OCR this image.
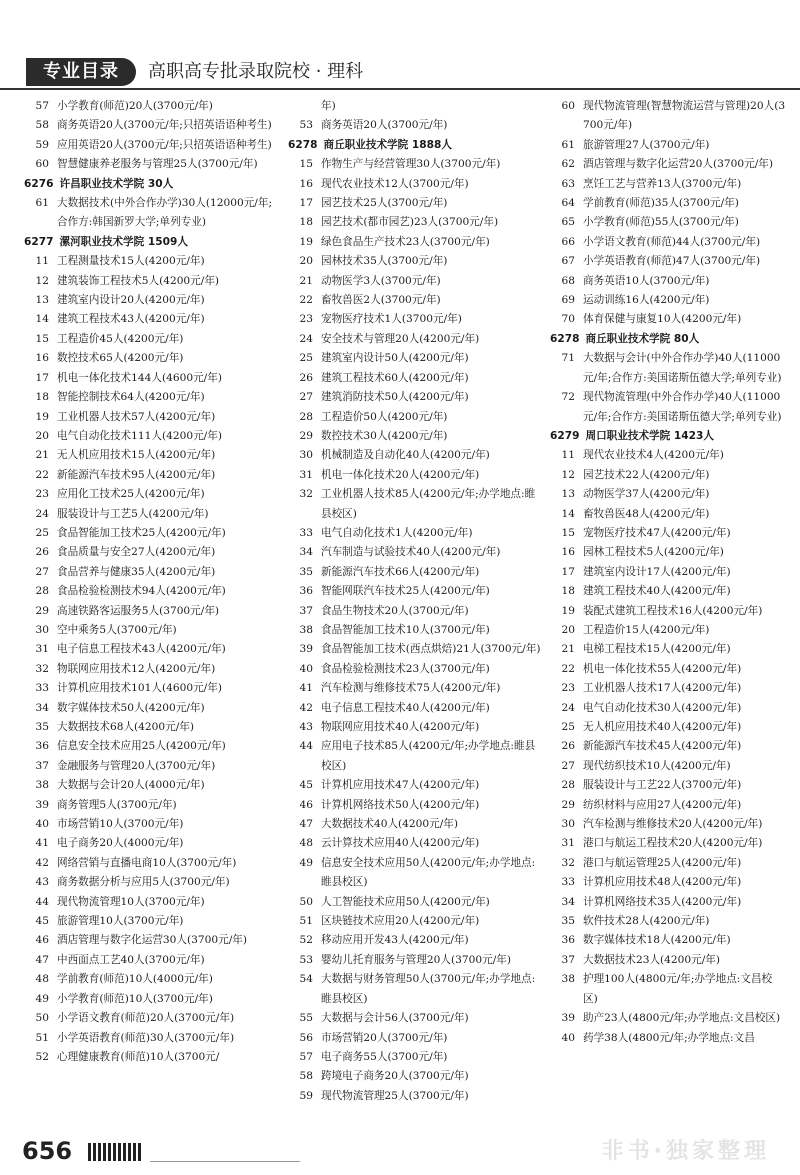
专业目录	高职高专批录取院校 · 理科
57 小学教育(师范)20人(3700元/年)
58 商务英语20人(3700元/年;只招英语语种考生)
59 应用英语20人(3700元/年;只招英语语种考生)
60 智慧健康养老服务与管理25人(3700元/年)
6276 许昌职业技术学院 30人
61 大数据技术(中外合作办学)30人(12000元/年;合作方:韩国新罗大学;单列专业)
6277 漯河职业技术学院 1509人
11 工程测量技术15人(4200元/年)
12 建筑装饰工程技术5人(4200元/年)
13 建筑室内设计20人(4200元/年)
14 建筑工程技术43人(4200元/年)
15 工程造价45人(4200元/年)
16 数控技术65人(4200元/年)
17 机电一体化技术144人(4600元/年)
18 智能控制技术64人(4200元/年)
19 工业机器人技术57人(4200元/年)
20 电气自动化技术111人(4200元/年)
21 无人机应用技术15人(4200元/年)
22 新能源汽车技术95人(4200元/年)
23 应用化工技术25人(4200元/年)
24 服装设计与工艺5人(4200元/年)
25 食品智能加工技术25人(4200元/年)
26 食品质量与安全27人(4200元/年)
27 食品营养与健康35人(4200元/年)
28 食品检验检测技术94人(4200元/年)
29 高速铁路客运服务5人(3700元/年)
30 空中乘务5人(3700元/年)
31 电子信息工程技术43人(4200元/年)
32 物联网应用技术12人(4200元/年)
33 计算机应用技术101人(4600元/年)
34 数字媒体技术50人(4200元/年)
35 大数据技术68人(4200元/年)
36 信息安全技术应用25人(4200元/年)
37 金融服务与管理20人(3700元/年)
38 大数据与会计20人(4000元/年)
39 商务管理5人(3700元/年)
40 市场营销10人(3700元/年)
41 电子商务20人(4000元/年)
42 网络营销与直播电商10人(3700元/年)
43 商务数据分析与应用5人(3700元/年)
44 现代物流管理10人(3700元/年)
45 旅游管理10人(3700元/年)
46 酒店管理与数字化运营30人(3700元/年)
47 中西面点工艺40人(3700元/年)
48 学前教育(师范)10人(4000元/年)
49 小学教育(师范)10人(3700元/年)
50 小学语文教育(师范)20人(3700元/年)
51 小学英语教育(师范)30人(3700元/年)
52 心理健康教育(师范)10人(3700元/
年)
53 商务英语20人(3700元/年)
6278 商丘职业技术学院 1888人
15 作物生产与经营管理30人(3700元/年)
16 现代农业技术12人(3700元/年)
17 园艺技术25人(3700元/年)
18 园艺技术(都市园艺)23人(3700元/年)
19 绿色食品生产技术23人(3700元/年)
20 园林技术35人(3700元/年)
21 动物医学3人(3700元/年)
22 畜牧兽医2人(3700元/年)
23 宠物医疗技术1人(3700元/年)
24 安全技术与管理20人(4200元/年)
25 建筑室内设计50人(4200元/年)
26 建筑工程技术60人(4200元/年)
27 建筑消防技术50人(4200元/年)
28 工程造价50人(4200元/年)
29 数控技术30人(4200元/年)
30 机械制造及自动化40人(4200元/年)
31 机电一体化技术20人(4200元/年)
32 工业机器人技术85人(4200元/年;办学地点:睢县校区)
33 电气自动化技术1人(4200元/年)
34 汽车制造与试验技术40人(4200元/年)
35 新能源汽车技术66人(4200元/年)
36 智能网联汽车技术25人(4200元/年)
37 食品生物技术20人(3700元/年)
38 食品智能加工技术10人(3700元/年)
39 食品智能加工技术(西点烘焙)21人(3700元/年)
40 食品检验检测技术23人(3700元/年)
41 汽车检测与维修技术75人(4200元/年)
42 电子信息工程技术40人(4200元/年)
43 物联网应用技术40人(4200元/年)
44 应用电子技术85人(4200元/年;办学地点:睢县校区)
45 计算机应用技术47人(4200元/年)
46 计算机网络技术50人(4200元/年)
47 大数据技术40人(4200元/年)
48 云计算技术应用40人(4200元/年)
49 信息安全技术应用50人(4200元/年;办学地点:睢县校区)
50 人工智能技术应用50人(4200元/年)
51 区块链技术应用20人(4200元/年)
52 移动应用开发43人(4200元/年)
53 婴幼儿托育服务与管理20人(3700元/年)
54 大数据与财务管理50人(3700元/年;办学地点:睢县校区)
55 大数据与会计56人(3700元/年)
56 市场营销20人(3700元/年)
57 电子商务55人(3700元/年)
58 跨境电子商务20人(3700元/年)
59 现代物流管理25人(3700元/年)
60 现代物流管理(智慧物流运营与管理)20人(3700元/年)
61 旅游管理27人(3700元/年)
62 酒店管理与数字化运营20人(3700元/年)
63 烹饪工艺与营养13人(3700元/年)
64 学前教育(师范)35人(3700元/年)
65 小学教育(师范)55人(3700元/年)
66 小学语文教育(师范)44人(3700元/年)
67 小学英语教育(师范)47人(3700元/年)
68 商务英语10人(3700元/年)
69 运动训练16人(4200元/年)
70 体育保健与康复10人(4200元/年)
6278 商丘职业技术学院 80人
71 大数据与会计(中外合作办学)40人(11000元/年;合作方:美国诺斯伍德大学;单列专业)
72 现代物流管理(中外合作办学)40人(11000元/年;合作方:美国诺斯伍德大学;单列专业)
6279 周口职业技术学院 1423人
11 现代农业技术4人(4200元/年)
12 园艺技术22人(4200元/年)
13 动物医学37人(4200元/年)
14 畜牧兽医48人(4200元/年)
15 宠物医疗技术47人(4200元/年)
16 园林工程技术5人(4200元/年)
17 建筑室内设计17人(4200元/年)
18 建筑工程技术40人(4200元/年)
19 装配式建筑工程技术16人(4200元/年)
20 工程造价15人(4200元/年)
21 电梯工程技术15人(4200元/年)
22 机电一体化技术55人(4200元/年)
23 工业机器人技术17人(4200元/年)
24 电气自动化技术30人(4200元/年)
25 无人机应用技术40人(4200元/年)
26 新能源汽车技术45人(4200元/年)
27 现代纺织技术10人(4200元/年)
28 服装设计与工艺22人(3700元/年)
29 纺织材料与应用27人(4200元/年)
30 汽车检测与维修技术20人(4200元/年)
31 港口与航运工程技术20人(4200元/年)
32 港口与航运管理25人(4200元/年)
33 计算机应用技术48人(4200元/年)
34 计算机网络技术35人(4200元/年)
35 软件技术28人(4200元/年)
36 数字媒体技术18人(4200元/年)
37 大数据技术23人(4200元/年)
38 护理100人(4800元/年;办学地点:文昌校区)
39 助产23人(4800元/年;办学地点:文昌校区)
40 药学38人(4800元/年;办学地点:文昌
656	非书·独家整理
